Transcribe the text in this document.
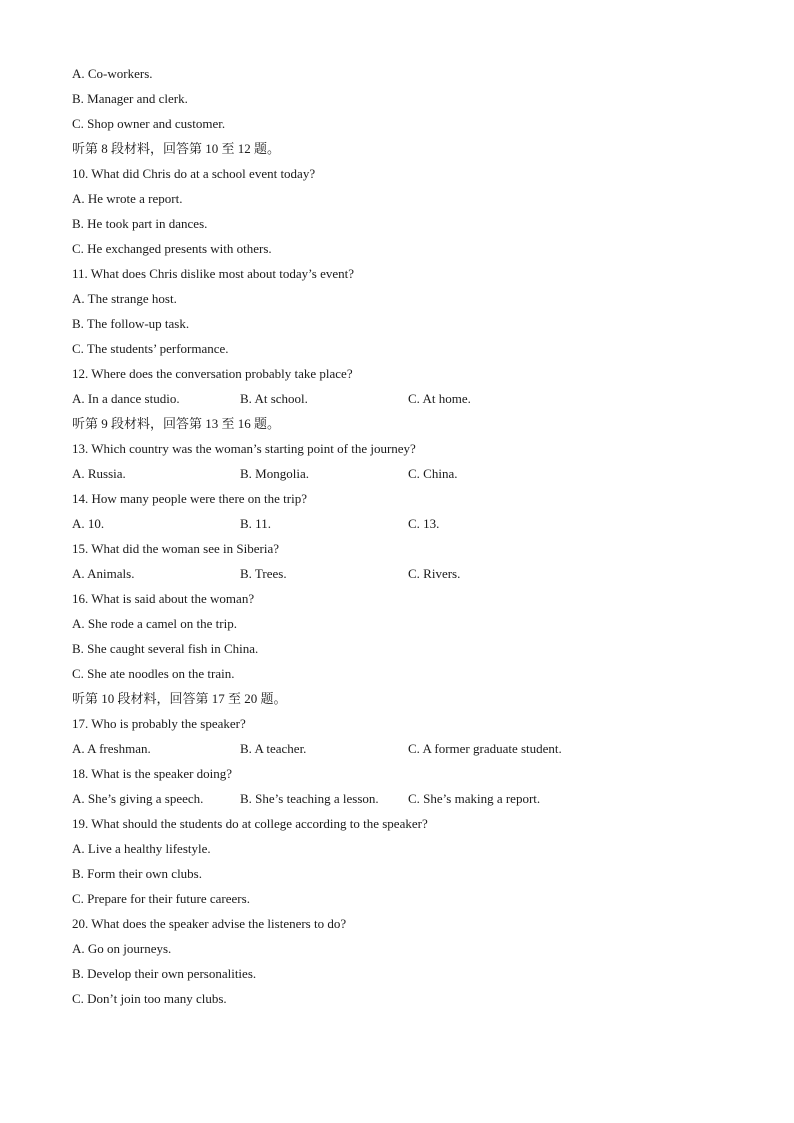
A. Co-workers.
B. Manager and clerk.
C. Shop owner and customer.
听第 8 段材料，回答第 10 至 12 题。
10. What did Chris do at a school event today?
A. He wrote a report.
B. He took part in dances.
C. He exchanged presents with others.
11. What does Chris dislike most about today’s event?
A. The strange host.
B. The follow-up task.
C. The students’ performance.
12. Where does the conversation probably take place?
A. In a dance studio.	B. At school.	C. At home.
听第 9 段材料，回答第 13 至 16 题。
13. Which country was the woman’s starting point of the journey?
A. Russia.	B. Mongolia.	C. China.
14. How many people were there on the trip?
A. 10.	B. 11.	C. 13.
15. What did the woman see in Siberia?
A. Animals.	B. Trees.	C. Rivers.
16. What is said about the woman?
A. She rode a camel on the trip.
B. She caught several fish in China.
C. She ate noodles on the train.
听第 10 段材料，回答第 17 至 20 题。
17. Who is probably the speaker?
A. A freshman.	B. A teacher.	C. A former graduate student.
18. What is the speaker doing?
A. She’s giving a speech.	B. She’s teaching a lesson.	C. She’s making a report.
19. What should the students do at college according to the speaker?
A. Live a healthy lifestyle.
B. Form their own clubs.
C. Prepare for their future careers.
20. What does the speaker advise the listeners to do?
A. Go on journeys.
B. Develop their own personalities.
C. Don’t join too many clubs.
